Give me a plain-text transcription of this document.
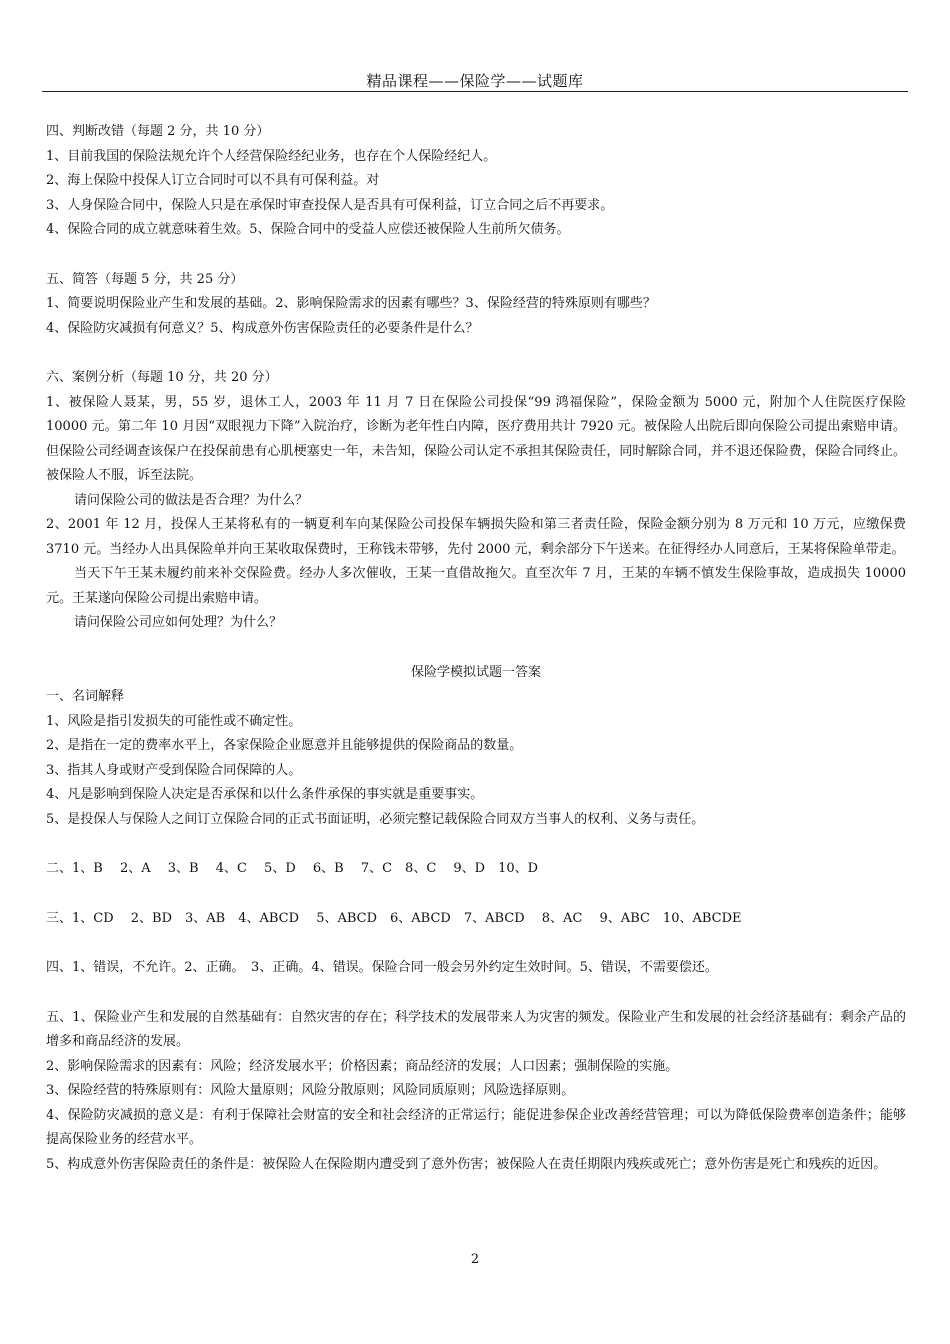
精品课程——保险学——试题库

四、判断改错（每题 2 分，共 10 分）

1、目前我国的保险法规允许个人经营保险经纪业务，也存在个人保险经纪人。

2、海上保险中投保人订立合同时可以不具有可保利益。对

3、人身保险合同中，保险人只是在承保时审查投保人是否具有可保利益，订立合同之后不再要求。

4、保险合同的成立就意味着生效。5、保险合同中的受益人应偿还被保险人生前所欠债务。

五、简答（每题 5 分，共 25 分）

1、简要说明保险业产生和发展的基础。2、影响保险需求的因素有哪些？3、保险经营的特殊原则有哪些？

4、保险防灾减损有何意义？5、构成意外伤害保险责任的必要条件是什么？

六、案例分析（每题 10 分，共 20 分）

1、被保险人聂某，男，55 岁，退休工人，2003 年 11 月 7 日在保险公司投保“99 鸿福保险”，保险金额为 5000 元，附加个人住院医疗保险 10000 元。第二年 10 月因“双眼视力下降”入院治疗，诊断为老年性白内障，医疗费用共计 7920 元。被保险人出院后即向保险公司提出索赔申请。但保险公司经调查该保户在投保前患有心肌梗塞史一年，未告知，保险公司认定不承担其保险责任，同时解除合同，并不退还保险费，保险合同终止。被保险人不服，诉至法院。

请问保险公司的做法是否合理？为什么？

2、2001 年 12 月，投保人王某将私有的一辆夏利车向某保险公司投保车辆损失险和第三者责任险，保险金额分别为 8 万元和 10 万元，应缴保费 3710 元。当经办人出具保险单并向王某收取保费时，王称钱未带够，先付 2000 元，剩余部分下午送来。在征得经办人同意后，王某将保险单带走。

当天下午王某未履约前来补交保险费。经办人多次催收，王某一直借故拖欠。直至次年 7 月，王某的车辆不慎发生保险事故，造成损失 10000 元。王某遂向保险公司提出索赔申请。

请问保险公司应如何处理？为什么？

保险学模拟试题一答案

一、名词解释

1、风险是指引发损失的可能性或不确定性。

2、是指在一定的费率水平上，各家保险企业愿意并且能够提供的保险商品的数量。

3、指其人身或财产受到保险合同保障的人。

4、凡是影响到保险人决定是否承保和以什么条件承保的事实就是重要事实。

5、是投保人与保险人之间订立保险合同的正式书面证明，必须完整记载保险合同双方当事人的权利、义务与责任。

二、1、B　 2、A　 3、B　 4、C　 5、D　 6、B　 7、C　8、C　 9、D　10、D

三、1、CD　 2、BD　3、AB　4、ABCD　 5、ABCD　6、ABCD　7、ABCD　 8、AC　 9、ABC　10、ABCDE

四、1、错误，不允许。2、正确。　3、正确。4、错误。保险合同一般会另外约定生效时间。5、错误，不需要偿还。

五、1、保险业产生和发展的自然基础有：自然灾害的存在；科学技术的发展带来人为灾害的频发。保险业产生和发展的社会经济基础有：剩余产品的增多和商品经济的发展。

2、影响保险需求的因素有：风险；经济发展水平；价格因素；商品经济的发展；人口因素；强制保险的实施。

3、保险经营的特殊原则有：风险大量原则；风险分散原则；风险同质原则；风险选择原则。

4、保险防灾减损的意义是：有利于保障社会财富的安全和社会经济的正常运行；能促进参保企业改善经营管理；可以为降低保险费率创造条件；能够提高保险业务的经营水平。

5、构成意外伤害保险责任的条件是：被保险人在保险期内遭受到了意外伤害；被保险人在责任期限内残疾或死亡；意外伤害是死亡和残疾的近因。

2
